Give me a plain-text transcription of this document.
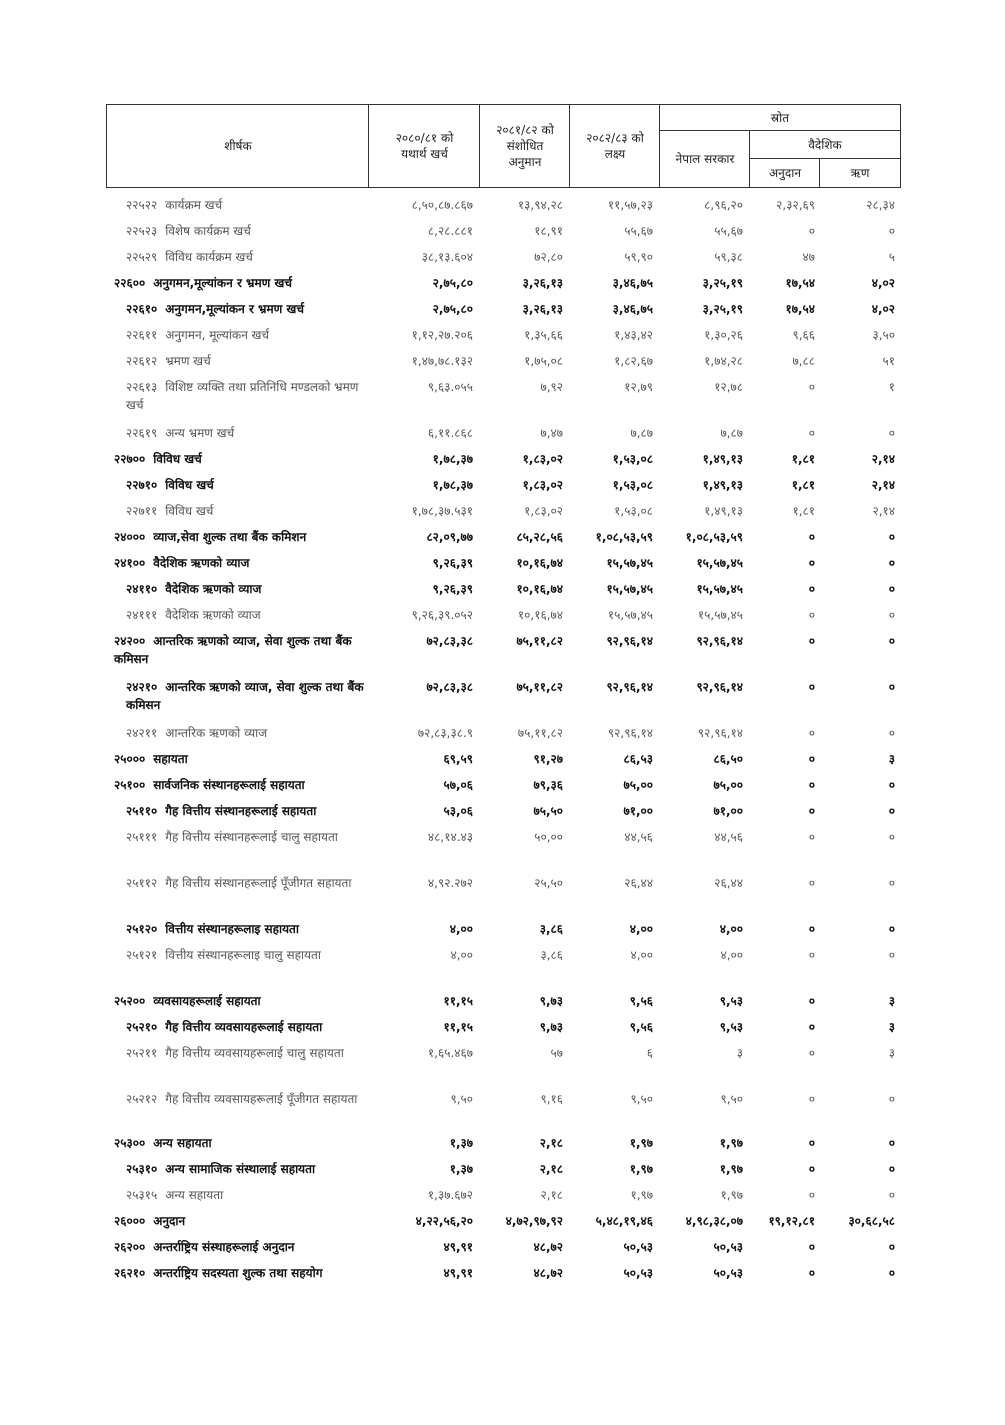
शीर्षक
२०८०/८१ को यथार्थ खर्च
२०८१/८२ को संशोधित अनुमान
२०८२/८३ को लक्ष्य
स्रोत
नेपाल सरकार
वैदेशिक
अनुदान	ऋण
२२५२२ कार्यक्रम खर्च	८,५०,८७.८६७	१३,९४,२८	११,५७,२३	८,९६,२०	२,३२,६९	२८,३४
२२५२३ विशेष कार्यक्रम खर्च	८,२८.८८१	१८,९१	५५,६७	५५,६७	०	०
२२५२९ विविध कार्यक्रम खर्च	३८,१३.६०४	७२,८०	५९,९०	५९,३८	४७	५
२२६०० अनुगमन,मूल्यांकन र भ्रमण खर्च	२,७५,८०	३,२६,१३	३,४६,७५	३,२५,१९	१७,५४	४,०२
२२६१० अनुगमन,मूल्यांकन र भ्रमण खर्च	२,७५,८०	३,२६,१३	३,४६,७५	३,२५,१९	१७,५४	४,०२
२२६११ अनुगमन, मूल्यांकन खर्च	१,१२,२७.२०६	१,३५,६६	१,४३,४२	१,३०,२६	९,६६	३,५०
२२६१२ भ्रमण खर्च	१,४७,७८.१३२	१,७५,०८	१,८२,६७	१,७४,२८	७,८८	५१
२२६१३ विशिष्ट व्यक्ति तथा प्रतिनिधि मण्डलको भ्रमण खर्च
९,६३.०५५	७,९२	१२,७९	१२,७८	०	१
२२६१९ अन्य भ्रमण खर्च	६,११.८६८	७,४७	७,८७	७,८७	०	०
२२७०० विविध खर्च	१,७८,३७	१,८३,०२	१,५३,०८	१,४९,१३	१,८१	२,१४
२२७१० विविध खर्च	१,७८,३७	१,८३,०२	१,५३,०८	१,४९,१३	१,८१	२,१४
२२७११ विविध खर्च	१,७८,३७.५३१	१,८३,०२	१,५३,०८	१,४९,१३	१,८१	२,१४
२४००० व्याज,सेवा शुल्क तथा बैंक कमिशन	८२,०९,७७	८५,२८,५६	१,०८,५३,५९	१,०८,५३,५९	०	०
२४१०० वैदेशिक ऋणको व्याज	९,२६,३९	१०,१६,७४	१५,५७,४५	१५,५७,४५	०	०
२४११० वैदेशिक ऋणको व्याज	९,२६,३९	१०,१६,७४	१५,५७,४५	१५,५७,४५	०	०
२४१११ वैदेशिक ऋणको व्याज	९,२६,३९.०५२	१०,१६,७४	१५,५७,४५	१५,५७,४५	०	०
२४२०० आन्तरिक ऋणको व्याज, सेवा शुल्क तथा बैंक कमिसन
७२,८३,३८	७५,११,८२	९२,९६,१४	९२,९६,१४	०	०
२४२१० आन्तरिक ऋणको व्याज, सेवा शुल्क तथा बैंक कमिसन
७२,८३,३८	७५,११,८२	९२,९६,१४	९२,९६,१४	०	०
२४२११ आन्तरिक ऋणको व्याज	७२,८३,३८.९	७५,११,८२	९२,९६,१४	९२,९६,१४	०	०
२५००० सहायता	६९,५९	९१,२७	८६,५३	८६,५०	०	३
२५१०० सार्वजनिक संस्थानहरूलाई सहायता	५७,०६	७९,३६	७५,००	७५,००	०	०
२५११० गैह वित्तीय संस्थानहरूलाई सहायता	५३,०६	७५,५०	७१,००	७१,००	०	०
२५१११ गैह वित्तीय संस्थानहरूलाई चालु सहायता	४८,१४.४३	५०,००	४४,५६	४४,५६	०	०
२५११२ गैह वित्तीय संस्थानहरूलाई पूँजीगत सहायता	४,९२.२७२	२५,५०	२६,४४	२६,४४	०	०
२५१२० वित्तीय संस्थानहरूलाइ सहायता	४,००	३,८६	४,००	४,००	०	०
२५१२१ वित्तीय संस्थानहरूलाइ चालु सहायता	४,००	३,८६	४,००	४,००	०	०
२५२०० व्यवसायहरूलाई सहायता	११,१५	९,७३	९,५६	९,५३	०	३
२५२१० गैह वित्तीय व्यवसायहरूलाई सहायता	११,१५	९,७३	९,५६	९,५३	०	३
२५२११ गैह वित्तीय व्यवसायहरूलाई चालु सहायता	१,६५.४६७	५७	६	३	०	३
२५२१२ गैह वित्तीय व्यवसायहरूलाई पूँजीगत सहायता	९,५०	९,१६	९,५०	९,५०	०	०
२५३०० अन्य सहायता	१,३७	२,१८	१,९७	१,९७	०	०
२५३१० अन्य सामाजिक संस्थालाई सहायता	१,३७	२,१८	१,९७	१,९७	०	०
२५३१५ अन्य सहायता	१,३७.६७२	२,१८	१,९७	१,९७	०	०
२६००० अनुदान	४,२२,५६,२०	४,७२,९७,९२	५,४८,१९,४६	४,९८,३८,०७	१९,१२,८१	३०,६८,५८
२६२०० अन्तर्राष्ट्रिय संस्थाहरूलाई अनुदान	४९,९१	४८,७२	५०,५३	५०,५३	०	०
२६२१० अन्तर्राष्ट्रिय सदस्यता शुल्क तथा सहयोग	४९,९१	४८,७२	५०,५३	५०,५३	०	०
